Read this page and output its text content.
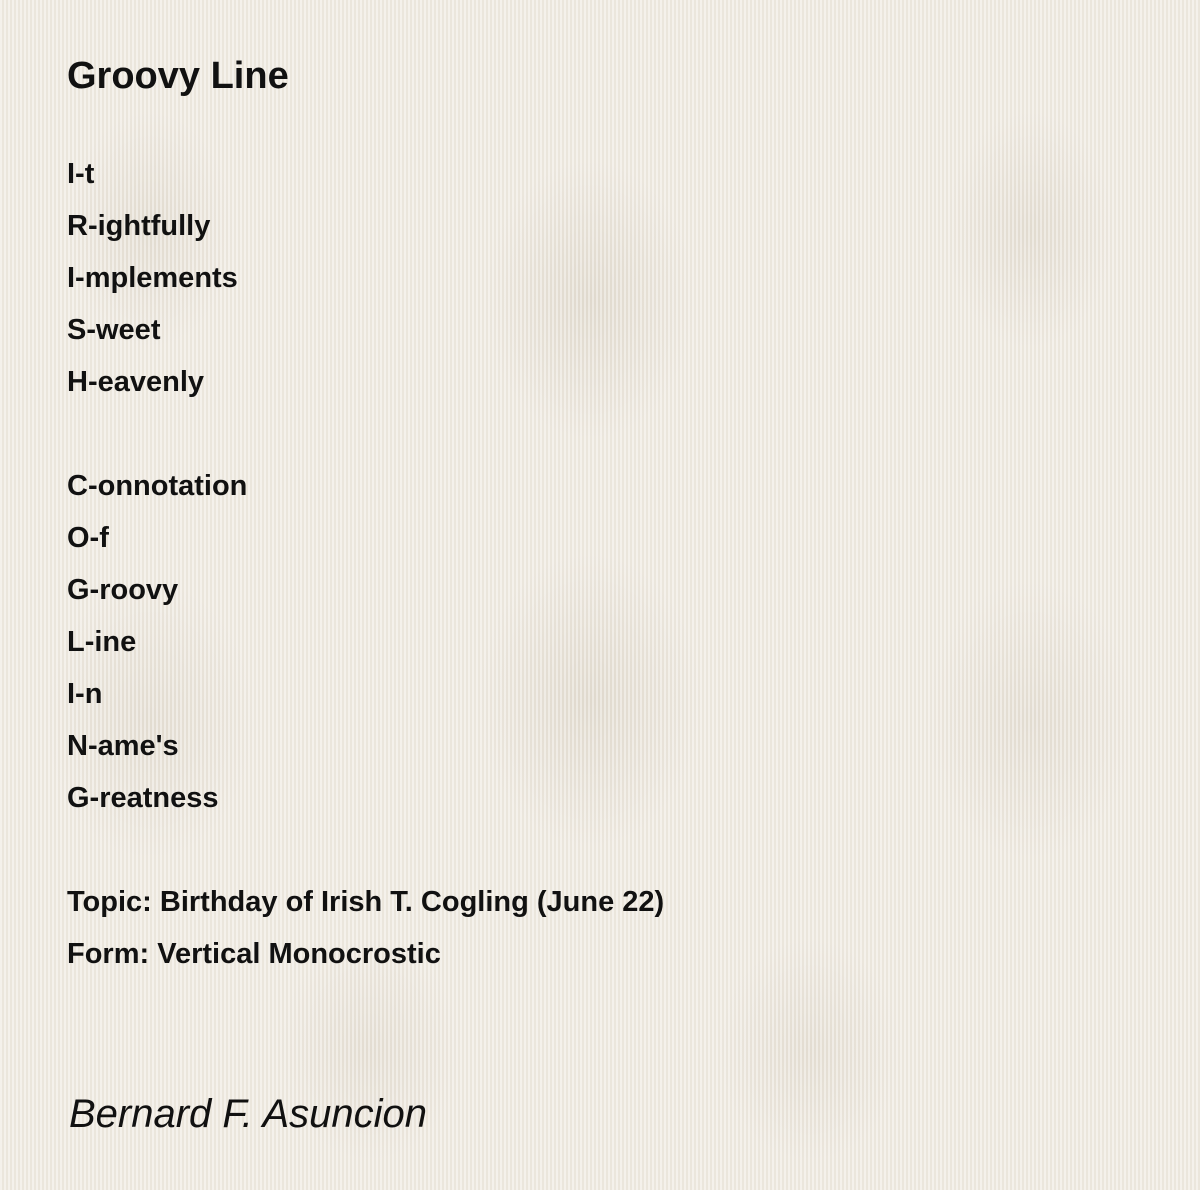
Groovy Line

I-t

R-ightfully

I-mplements

S-weet

H-eavenly

C-onnotation

O-f

G-roovy

L-ine

I-n

N-ame's

G-reatness

Topic: Birthday of Irish T. Cogling (June 22)

Form: Vertical Monocrostic

Bernard F. Asuncion
